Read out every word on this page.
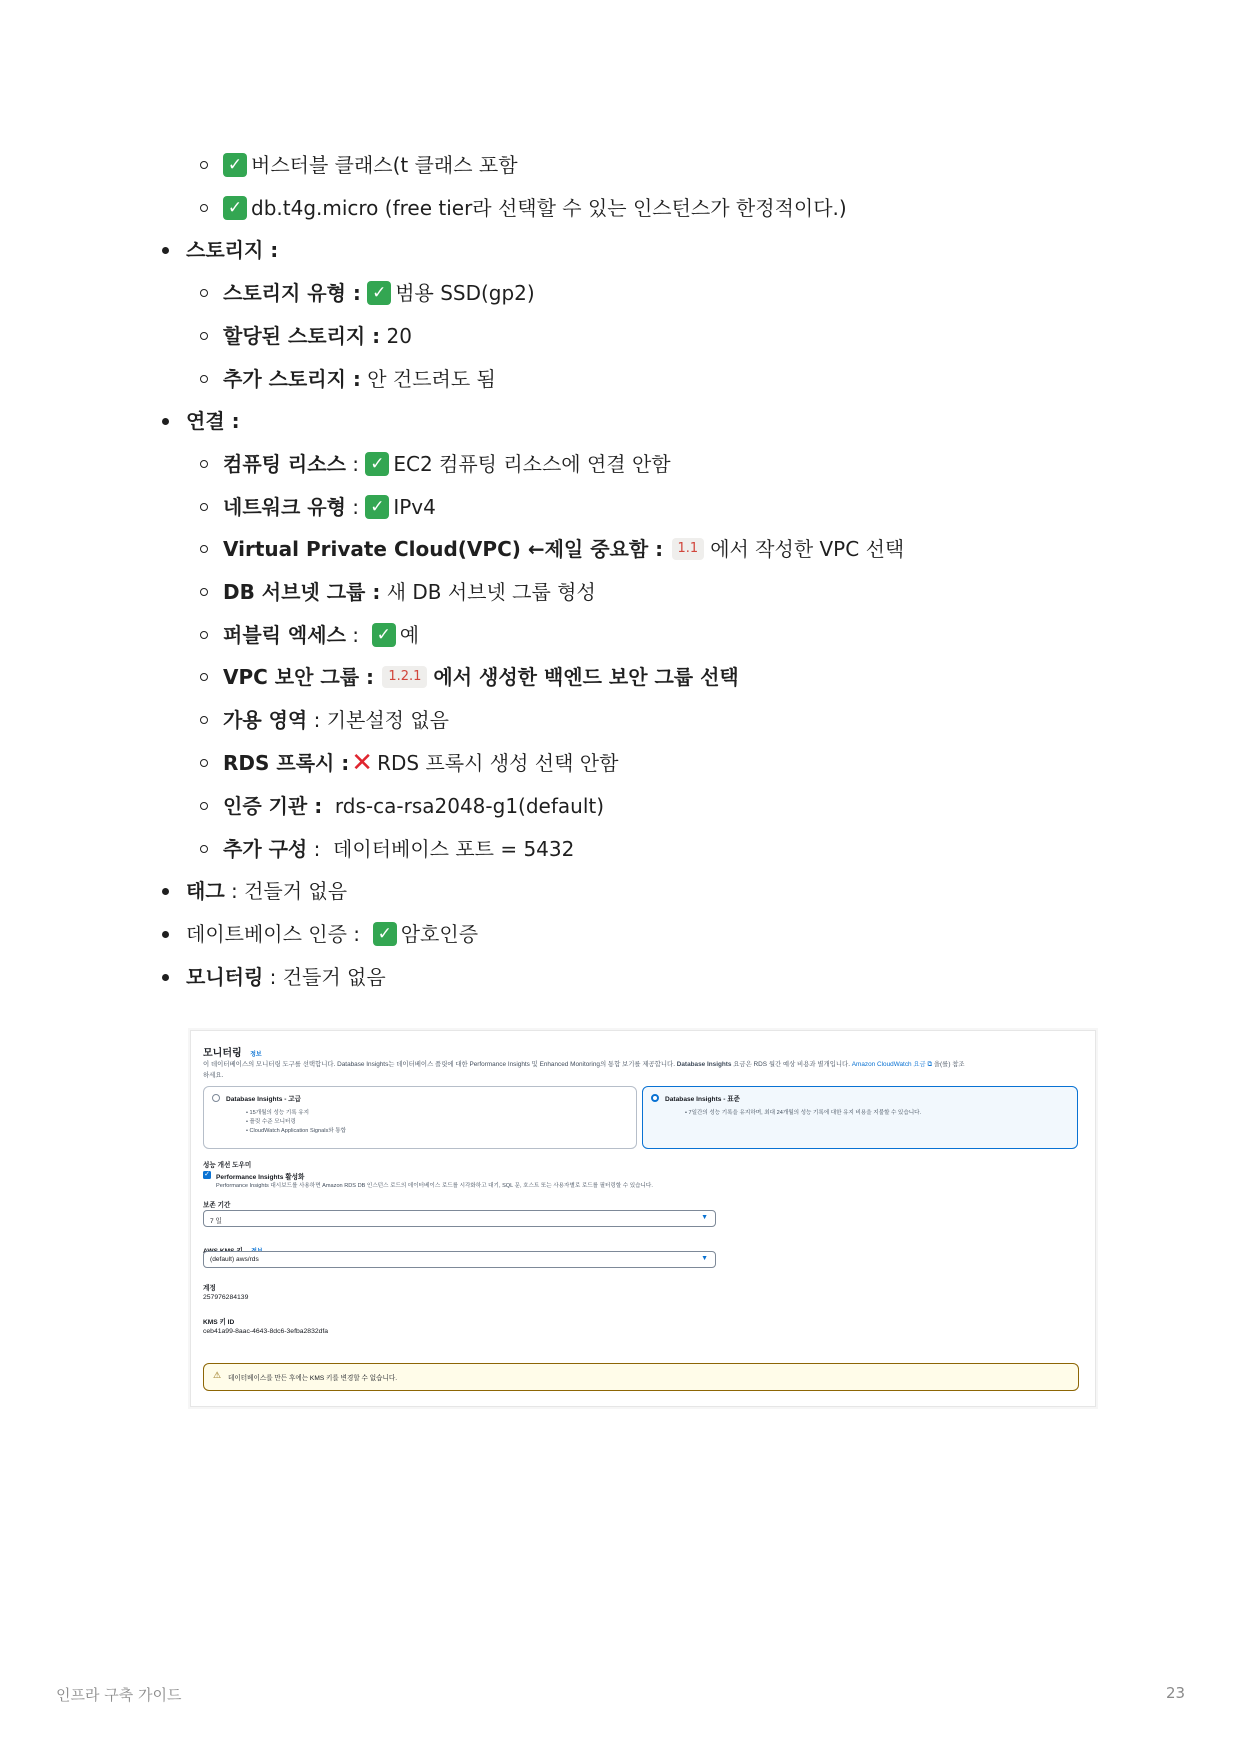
✓ 버스터블 클래스(t 클래스 포함
✓ db.t4g.micro (free tier라 선택할 수 있는 인스턴스가 한정적이다.)
스토리지 :
스토리지 유형 :
✓ 범용 SSD(gp2)
할당된 스토리지 : 20
추가 스토리지 : 안 건드려도 됨
연결 :
컴퓨팅 리소스 : ✓ EC2 컴퓨팅 리소스에 연결 안함
네트워크 유형 : ✓ IPv4
Virtual Private Cloud(VPC) ←제일 중요함 :
	1.1 에서 작성한 VPC 선택
DB 서브넷 그룹 : 새 DB 서브넷 그룹 형성
퍼블릭 엑세스 : ✓ 예
VPC 보안 그룹 :
	1.2.1 에서 생성한 백엔드 보안 그룹 선택
가용 영역 : 기본설정 없음
RDS 프록시 : ✕ RDS 프록시 생성 선택 안함
인증 기관 : rds-ca-rsa2048-g1(default)
추가 구성 :  데이터베이스 포트 = 5432
태그 : 건들거 없음
데이트베이스 인증 : ✓ 암호인증
모니터링 : 건들거 없음
모니터링 정보
이 데이터베이스의 모니터링 도구를 선택합니다. Database Insights는 데이터베이스 플릿에 대한 Performance Insights 및 Enhanced Monitoring의 통합 보기를 제공합니다. Database Insights 요금은 RDS 월간 예상 비용과 별개입니다. Amazon CloudWatch 요금 ⧉ 을(를) 참조
하세요.
Database Insights - 고급
• 15개월의 성능 기록 유지
• 플릿 수준 모니터링
• CloudWatch Application Signals와 통합
Database Insights - 표준
• 7일간의 성능 기록을 유지하며, 최대 24개월의 성능 기록에 대한 유지 비용을 지불할 수 있습니다.
성능 개선 도우미
✓ Performance Insights 활성화
Performance Insights 대시보드를 사용하면 Amazon RDS DB 인스턴스 로드의 데이터베이스 로드를 시각화하고 대기, SQL 문, 호스트 또는 사용자별로 로드를 필터링할 수 있습니다.
보존 기간
7 일
▼
(default) aws/rds	▼
계정
257976284139
KMS 키 ID
ceb41a99-8aac-4643-8dc6-3efba2832dfa
⚠ 데이터베이스를 만든 후에는 KMS 키를 변경할 수 없습니다.
인프라 구축 가이드	23
